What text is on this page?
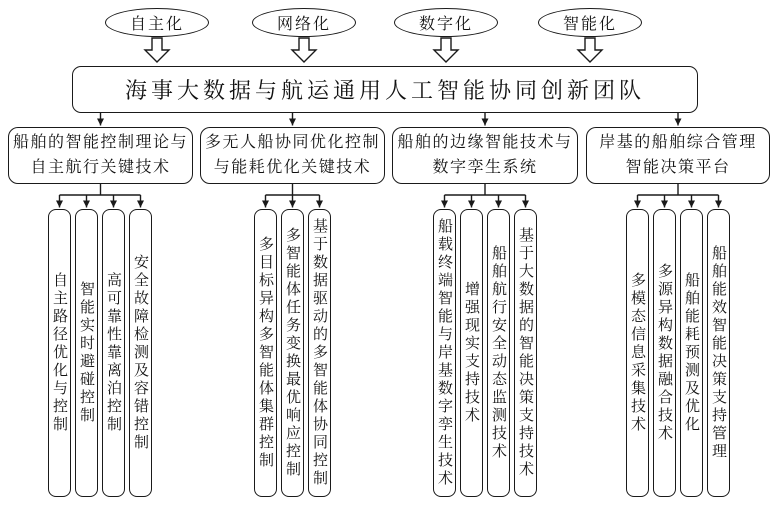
自主化	网络化	数字化	智能化
海事大数据与航运通用人工智能协同创新团队
船舶的智能控制理论与
自主航行关键技术
多无人船协同优化控制
与能耗优化关键技术
船舶的边缘智能技术与
数字孪生系统
岸基的船舶综合管理
智能决策平台
自主路径优化与控制 智能实时避碰控制 高可靠性靠离泊控制 安全故障检测及容错控制	多目标异构多智能体集群控制 多智能体任务变换最优响应控制 基于数据驱动的多智能体协同控制	船载终端智能与岸基数字孪生技术 增强现实支持技术 船舶航行安全动态监测技术 基于大数据的智能决策支持技术	多模态信息采集技术 多源异构数据融合技术 船舶能耗预测及优化 船舶能效智能决策支持管理
